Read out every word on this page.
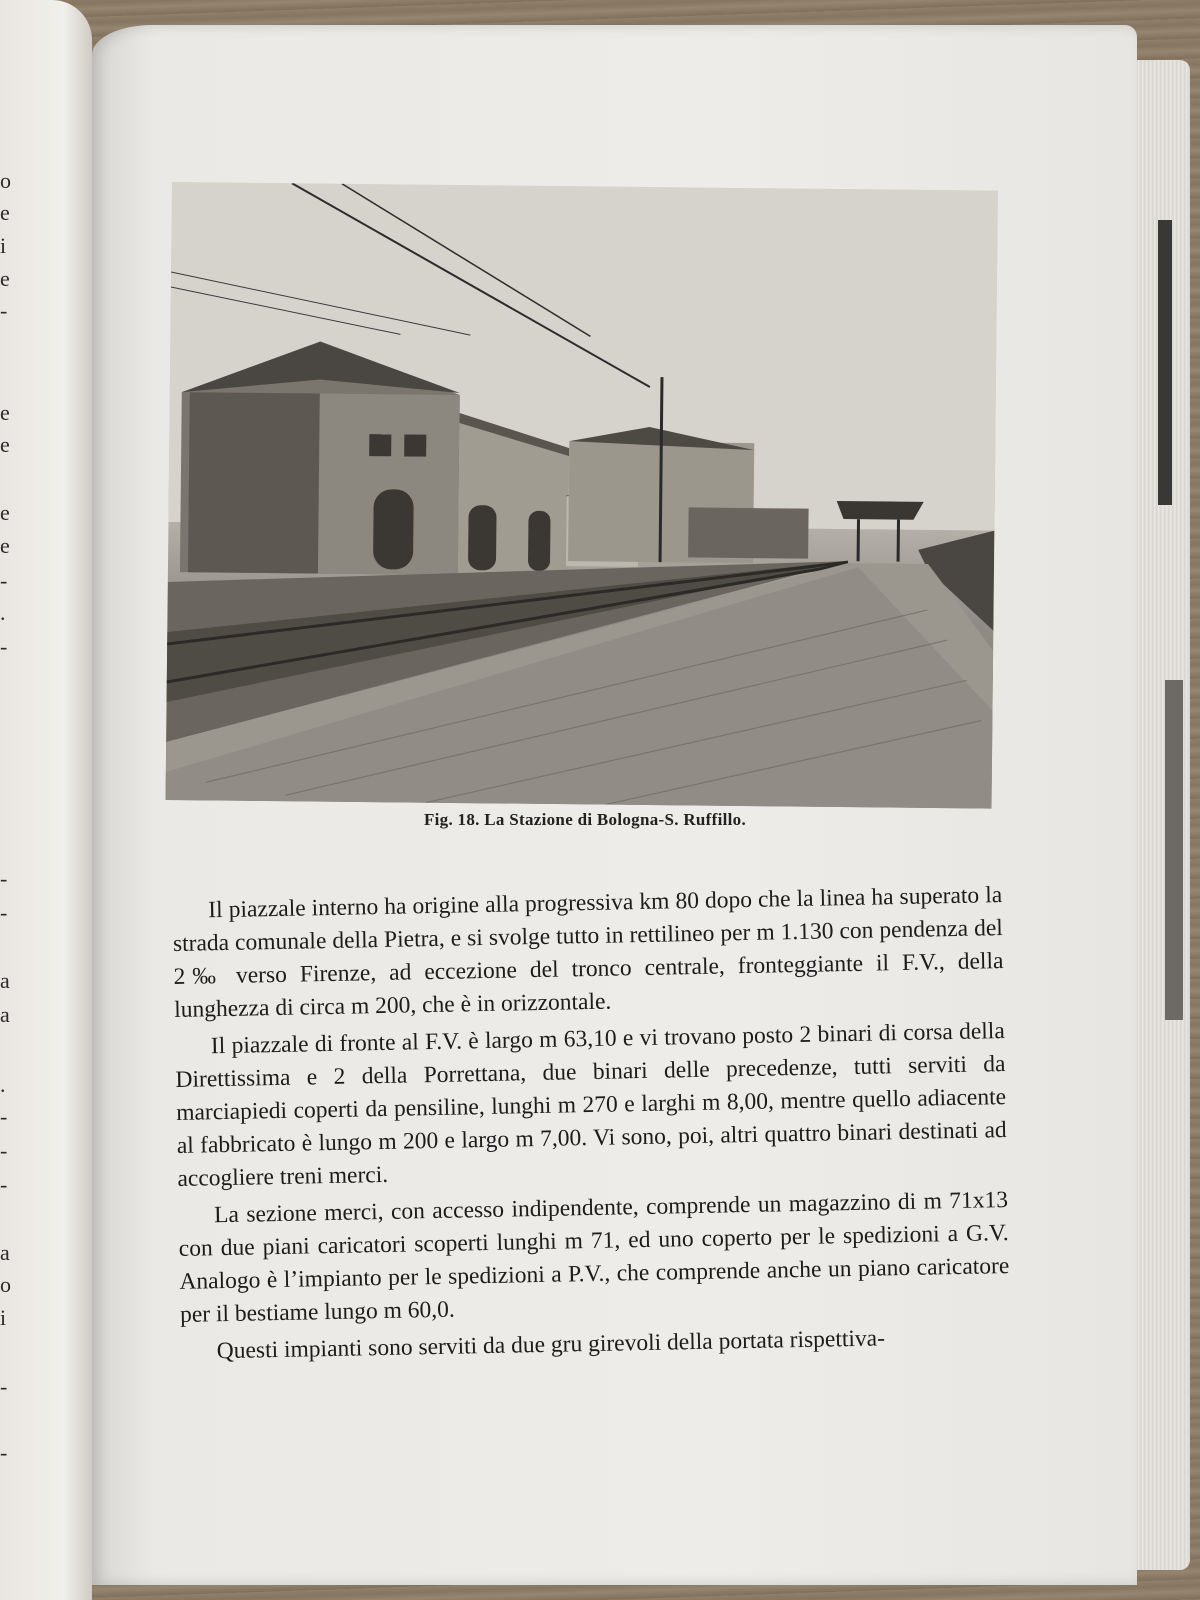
o
e
i
e
-
e
e
e
e
-
.
-
-
-
a
a
.
-
-
-
a
o
i
-
-
Fig. 18. La Stazione di Bologna-S. Ruffillo.

Il piazzale interno ha origine alla progressiva km 80 dopo che la linea ha superato la strada comunale della Pietra, e si svolge tutto in rettilineo per m 1.130 con pendenza del 2‰ verso Firenze, ad eccezione del tronco centrale, fronteggiante il F.V., della lunghezza di circa m 200, che è in orizzontale.

Il piazzale di fronte al F.V. è largo m 63,10 e vi trovano posto 2 binari di corsa della Direttissima e 2 della Porrettana, due binari delle precedenze, tutti serviti da marciapiedi coperti da pensiline, lunghi m 270 e larghi m 8,00, mentre quello adiacente al fabbricato è lungo m 200 e largo m 7,00. Vi sono, poi, altri quattro binari destinati ad accogliere treni merci.

La sezione merci, con accesso indipendente, comprende un magazzino di m 71x13 con due piani caricatori scoperti lunghi m 71, ed uno coperto per le spedizioni a G.V. Analogo è l’impianto per le spedizioni a P.V., che comprende anche un piano caricatore per il bestiame lungo m 60,0.

Questi impianti sono serviti da due gru girevoli della portata rispettiva-
